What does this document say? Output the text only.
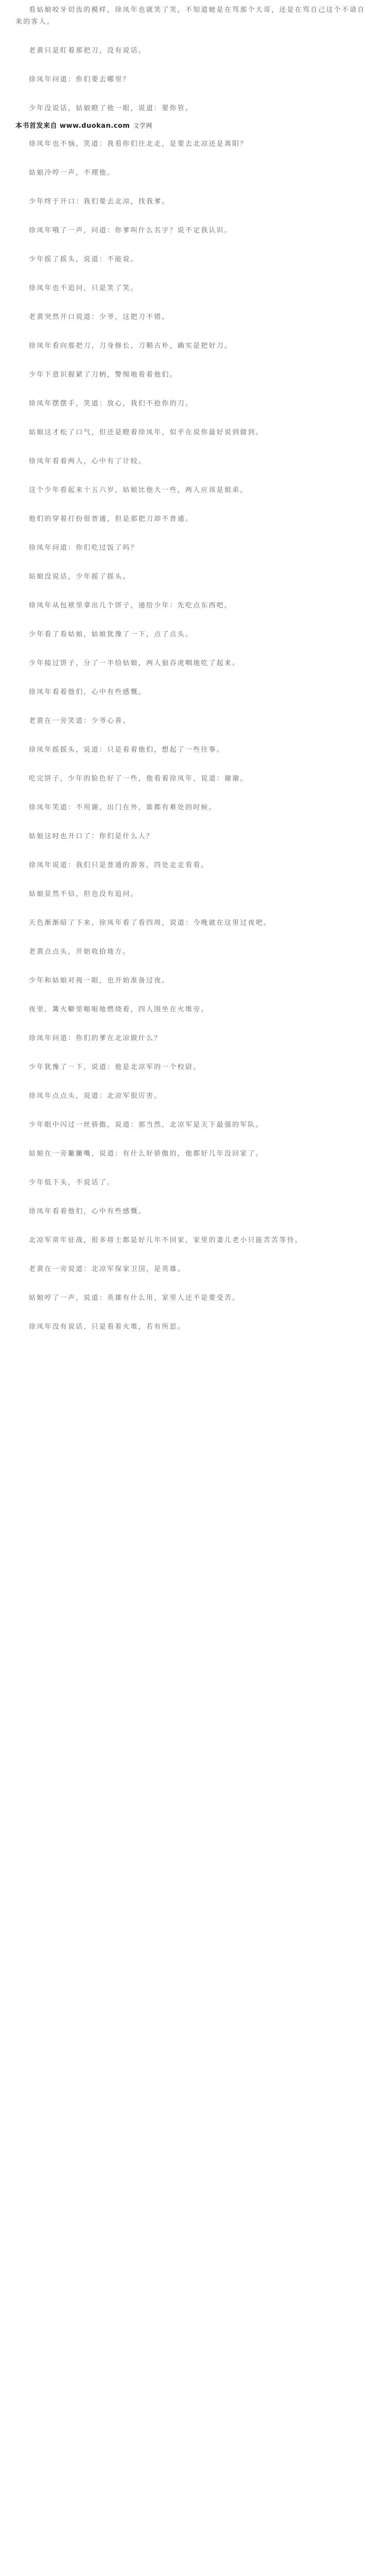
看姑娘咬牙切齿的模样，徐凤年也就笑了笑，不知道她是在骂那个大哥，还是在骂自己这个不请自来的客人。

老黄只是盯着那把刀，没有说话。

徐凤年问道：你们要去哪里？

少年没说话，姑娘瞪了他一眼，说道：要你管。

本书首发来自 www.duokan.com 文学网

徐凤年也不恼，笑道：我看你们往北走，是要去北凉还是离阳？

姑娘冷哼一声，不理他。

少年终于开口：我们要去北凉，找我爹。

徐凤年哦了一声，问道：你爹叫什么名字？说不定我认识。

少年摇了摇头，说道：不能说。

徐凤年也不追问，只是笑了笑。

老黄突然开口说道：少爷，这把刀不错。

徐凤年看向那把刀，刀身修长，刀鞘古朴，确实是把好刀。

少年下意识握紧了刀柄，警惕地看着他们。

徐凤年摆摆手，笑道：放心，我们不抢你的刀。

姑娘这才松了口气，但还是瞪着徐凤年，似乎在说你最好说到做到。

徐凤年看着两人，心中有了计较。

这个少年看起来十五六岁，姑娘比他大一些，两人应该是姐弟。

他们的穿着打扮很普通，但是那把刀却不普通。

徐凤年问道：你们吃过饭了吗？

姑娘没说话，少年摇了摇头。

徐凤年从包袱里拿出几个饼子，递给少年：先吃点东西吧。

少年看了看姑娘，姑娘犹豫了一下，点了点头。

少年接过饼子，分了一半给姑娘，两人狼吞虎咽地吃了起来。

徐凤年看着他们，心中有些感慨。

老黄在一旁笑道：少爷心善。

徐凤年摇摇头，说道：只是看着他们，想起了一些往事。

吃完饼子，少年的脸色好了一些，他看着徐凤年，说道：谢谢。

徐凤年笑道：不用谢，出门在外，谁都有难处的时候。

姑娘这时也开口了：你们是什么人？

徐凤年说道：我们只是普通的游客，四处走走看看。

姑娘显然不信，但也没有追问。

天色渐渐暗了下来，徐凤年看了看四周，说道：今晚就在这里过夜吧。

老黄点点头，开始收拾地方。

少年和姑娘对视一眼，也开始准备过夜。

夜里，篝火噼里啪啦地燃烧着，四人围坐在火堆旁。

徐凤年问道：你们的爹在北凉做什么？

少年犹豫了一下，说道：他是北凉军的一个校尉。

徐凤年点点头，说道：北凉军很厉害。

少年眼中闪过一丝骄傲，说道：那当然，北凉军是天下最强的军队。

姑娘在一旁撇撇嘴，说道：有什么好骄傲的，他都好几年没回家了。

少年低下头，不说话了。

徐凤年看着他们，心中有些感慨。

北凉军常年征战，很多将士都是好几年不回家，家里的妻儿老小只能苦苦等待。

老黄在一旁说道：北凉军保家卫国，是英雄。

姑娘哼了一声，说道：英雄有什么用，家里人还不是要受苦。

徐凤年没有说话，只是看着火堆，若有所思。
